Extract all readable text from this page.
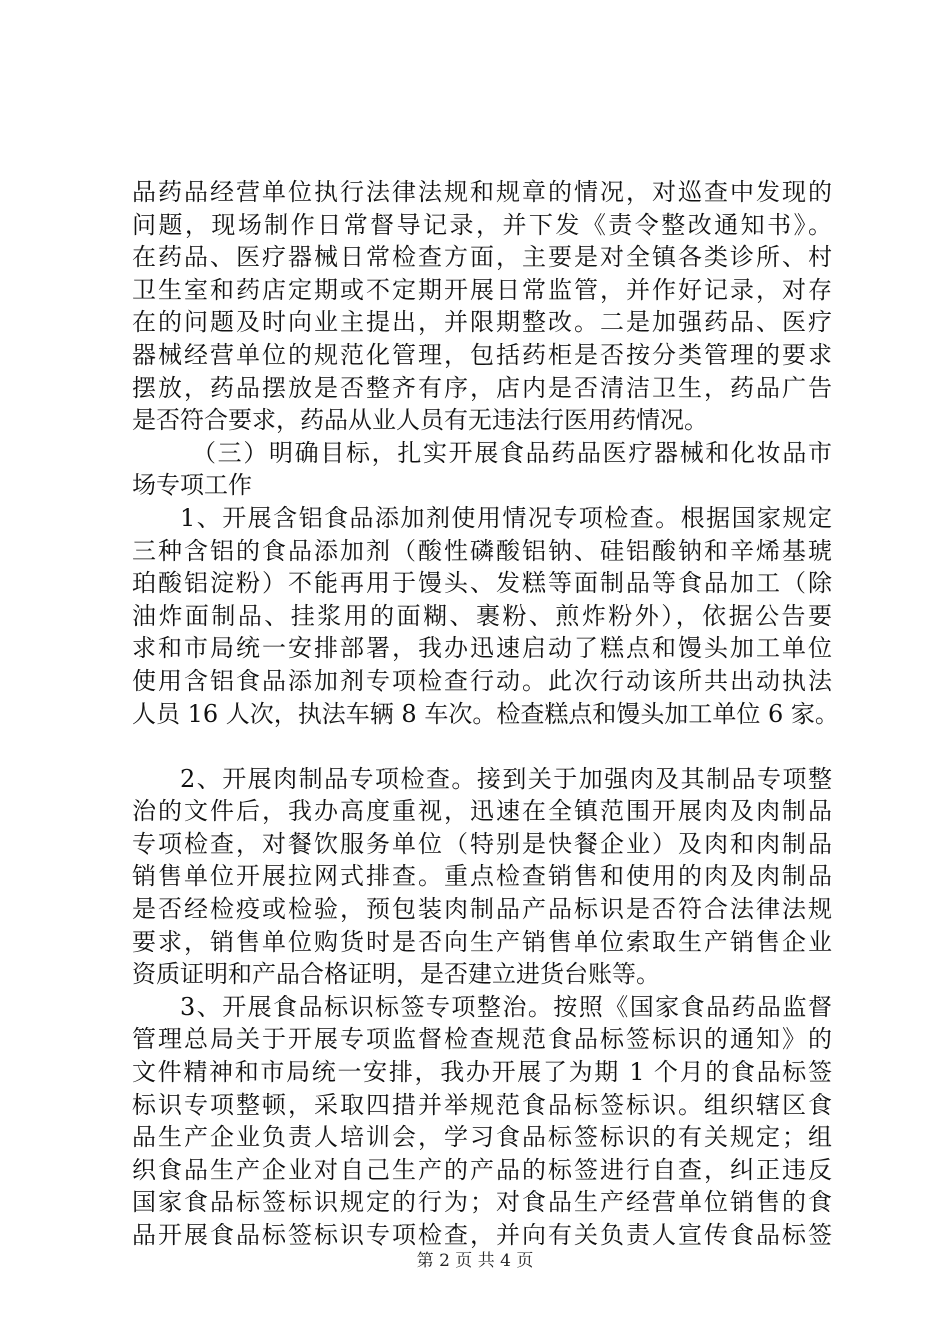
品药品经营单位执行法律法规和规章的情况，对巡查中发现的
问题，现场制作日常督导记录，并下发《责令整改通知书》。
在药品、医疗器械日常检查方面，主要是对全镇各类诊所、村
卫生室和药店定期或不定期开展日常监管，并作好记录，对存
在的问题及时向业主提出，并限期整改。二是加强药品、医疗
器械经营单位的规范化管理，包括药柜是否按分类管理的要求
摆放，药品摆放是否整齐有序，店内是否清洁卫生，药品广告
是否符合要求，药品从业人员有无违法行医用药情况。
（三）明确目标，扎实开展食品药品医疗器械和化妆品市
场专项工作
1、开展含铝食品添加剂使用情况专项检查。根据国家规定
三种含铝的食品添加剂（酸性磷酸铝钠、硅铝酸钠和辛烯基琥
珀酸铝淀粉）不能再用于馒头、发糕等面制品等食品加工（除
油炸面制品、挂浆用的面糊、裹粉、煎炸粉外），依据公告要
求和市局统一安排部署，我办迅速启动了糕点和馒头加工单位
使用含铝食品添加剂专项检查行动。此次行动该所共出动执法
人员 16 人次，执法车辆 8 车次。检查糕点和馒头加工单位 6 家。
2、开展肉制品专项检查。接到关于加强肉及其制品专项整
治的文件后，我办高度重视，迅速在全镇范围开展肉及肉制品
专项检查，对餐饮服务单位（特别是快餐企业）及肉和肉制品
销售单位开展拉网式排查。重点检查销售和使用的肉及肉制品
是否经检疫或检验，预包装肉制品产品标识是否符合法律法规
要求，销售单位购货时是否向生产销售单位索取生产销售企业
资质证明和产品合格证明，是否建立进货台账等。
3、开展食品标识标签专项整治。按照《国家食品药品监督
管理总局关于开展专项监督检查规范食品标签标识的通知》的
文件精神和市局统一安排，我办开展了为期 1 个月的食品标签
标识专项整顿，采取四措并举规范食品标签标识。组织辖区食
品生产企业负责人培训会，学习食品标签标识的有关规定；组
织食品生产企业对自己生产的产品的标签进行自查，纠正违反
国家食品标签标识规定的行为；对食品生产经营单位销售的食
品开展食品标签标识专项检查，并向有关负责人宣传食品标签
第 2 页 共 4 页
